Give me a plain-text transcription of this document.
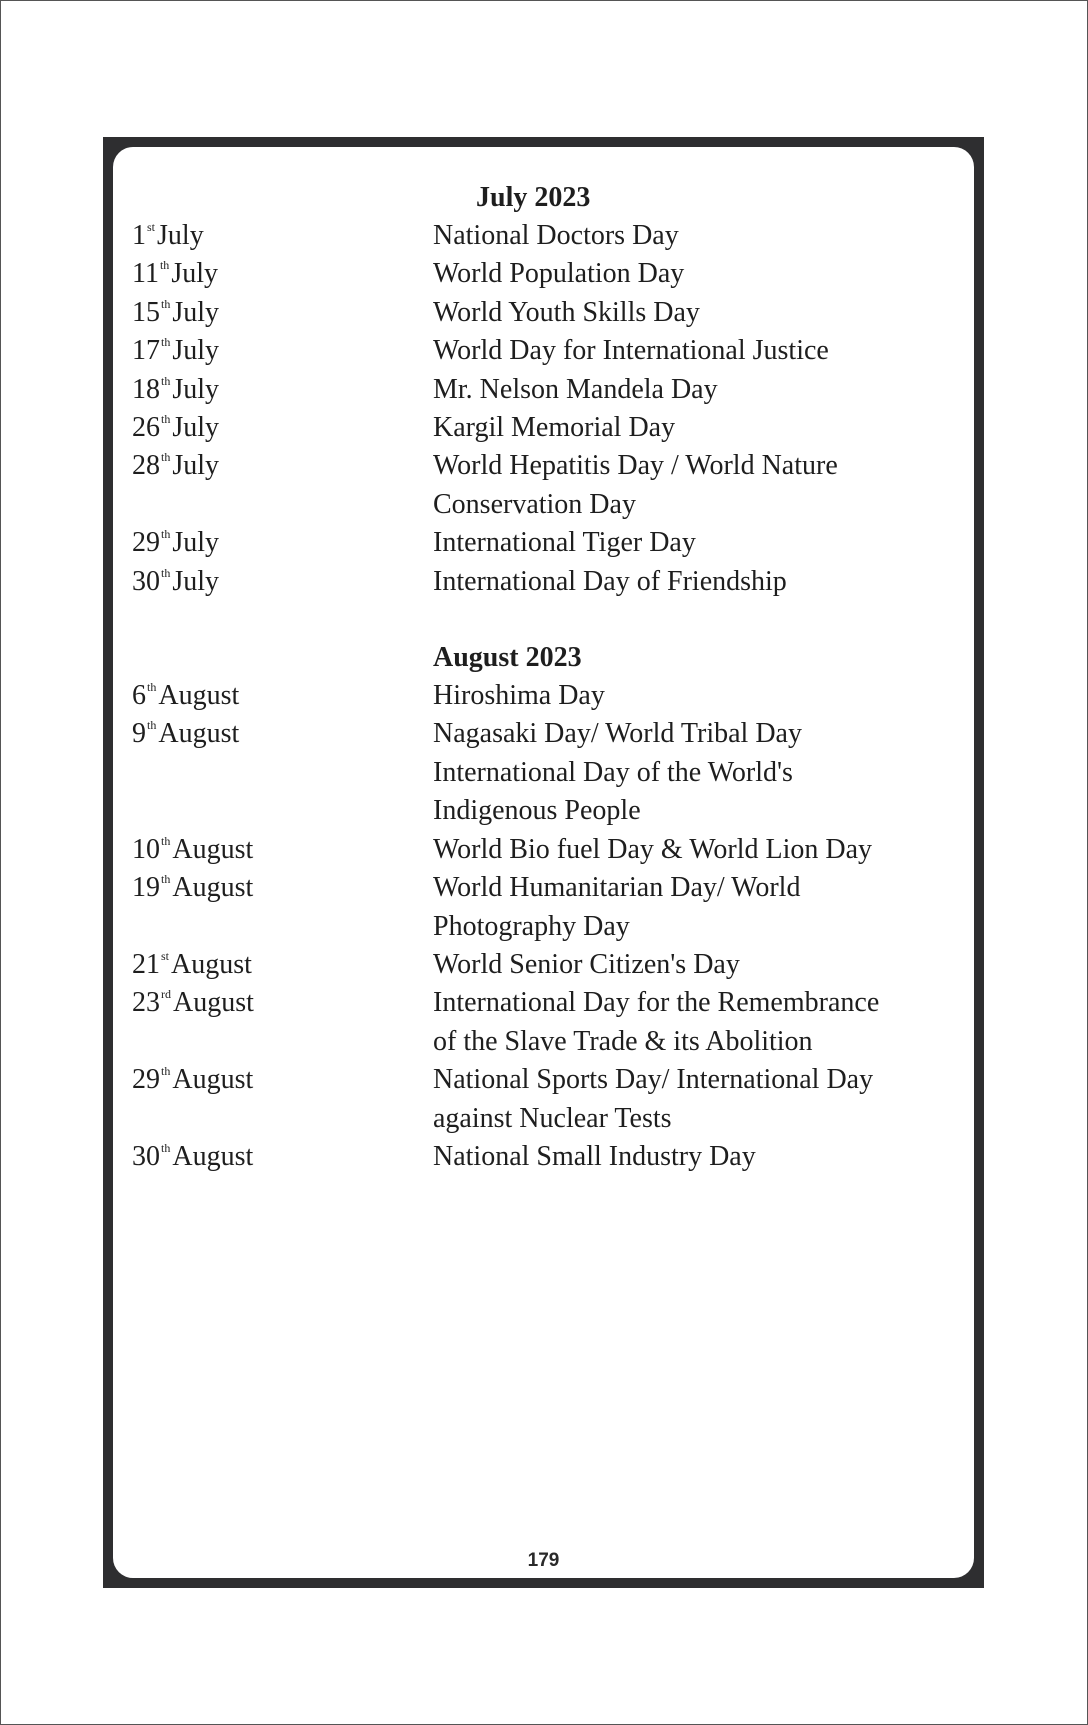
July 2023
1stJuly	National Doctors Day
11thJuly	World Population Day
15thJuly	World Youth Skills Day
17thJuly	World Day for International Justice
18thJuly	Mr. Nelson Mandela Day
26thJuly	Kargil Memorial Day
28thJuly	World Hepatitis Day / World Nature
Conservation Day
29thJuly	International Tiger Day
30thJuly	International Day of Friendship
August 2023
6thAugust	Hiroshima Day
9thAugust	Nagasaki Day/ World Tribal Day
International Day of the World's
Indigenous People
10thAugust	World Bio fuel Day & World Lion Day
19thAugust	World Humanitarian Day/ World
Photography Day
21stAugust	World Senior Citizen's Day
23rdAugust	International Day for the Remembrance
of the Slave Trade & its Abolition
29thAugust	National Sports Day/ International Day
against Nuclear Tests
30thAugust	National Small Industry Day
179
